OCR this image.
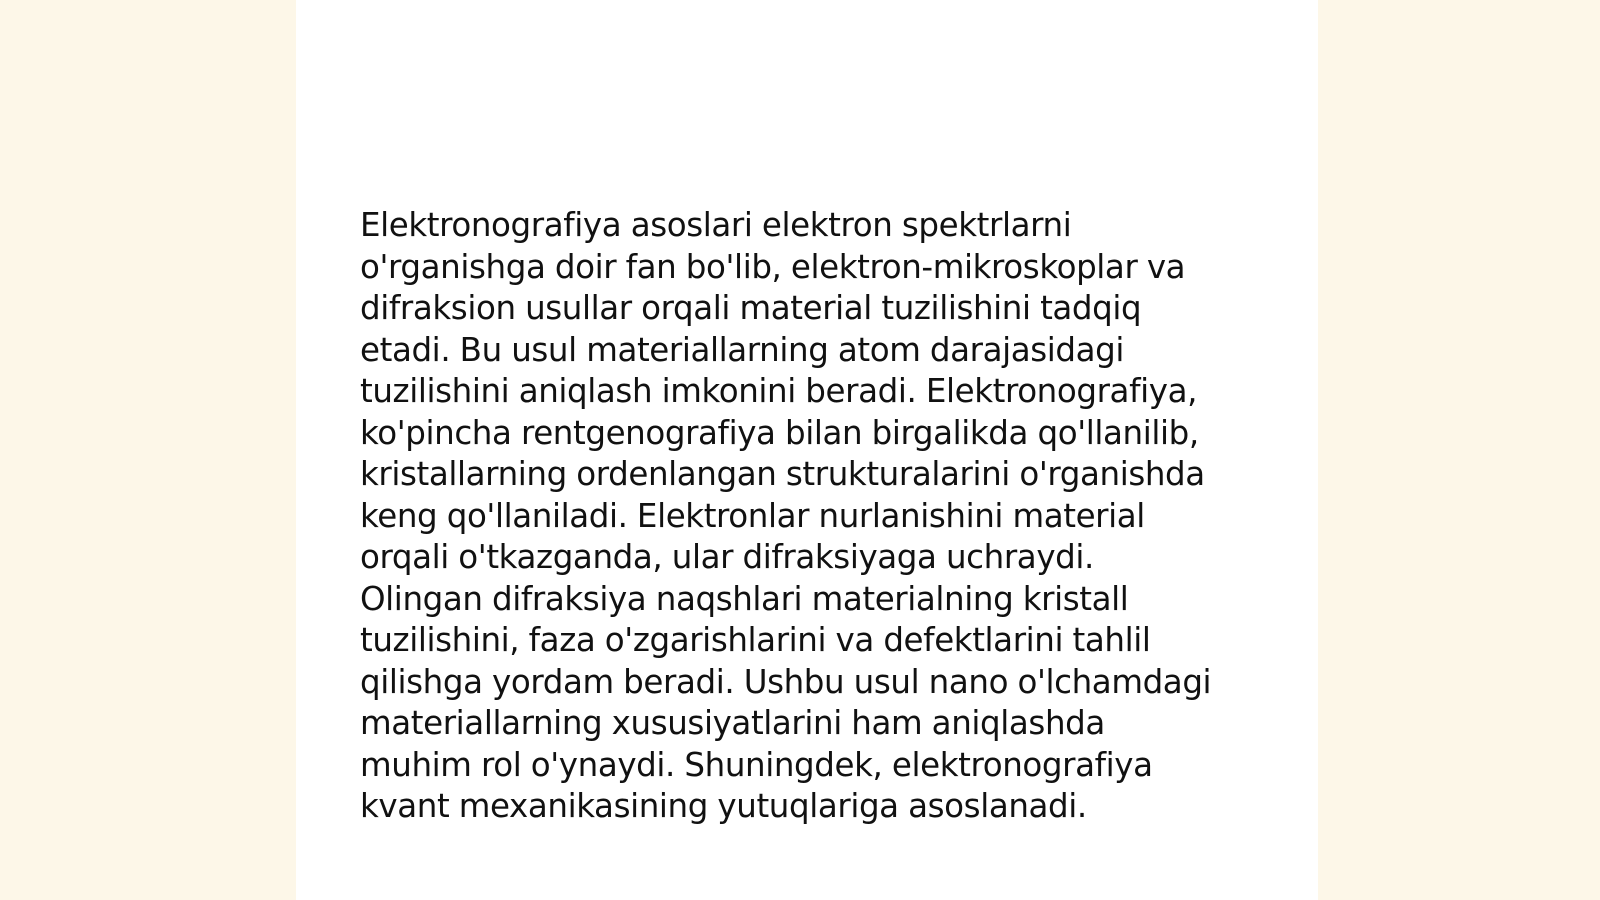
Elektronografiya asoslari elektron spektrlarni
o'rganishga doir fan bo'lib, elektron-mikroskoplar va
difraksion usullar orqali material tuzilishini tadqiq
etadi. Bu usul materiallarning atom darajasidagi
tuzilishini aniqlash imkonini beradi. Elektronografiya,
ko'pincha rentgenografiya bilan birgalikda qo'llanilib,
kristallarning ordenlangan strukturalarini o'rganishda
keng qo'llaniladi. Elektronlar nurlanishini material
orqali o'tkazganda, ular difraksiyaga uchraydi.
Olingan difraksiya naqshlari materialning kristall
tuzilishini, faza o'zgarishlarini va defektlarini tahlil
qilishga yordam beradi. Ushbu usul nano o'lchamdagi
materiallarning xususiyatlarini ham aniqlashda
muhim rol o'ynaydi. Shuningdek, elektronografiya
kvant mexanikasining yutuqlariga asoslanadi.
